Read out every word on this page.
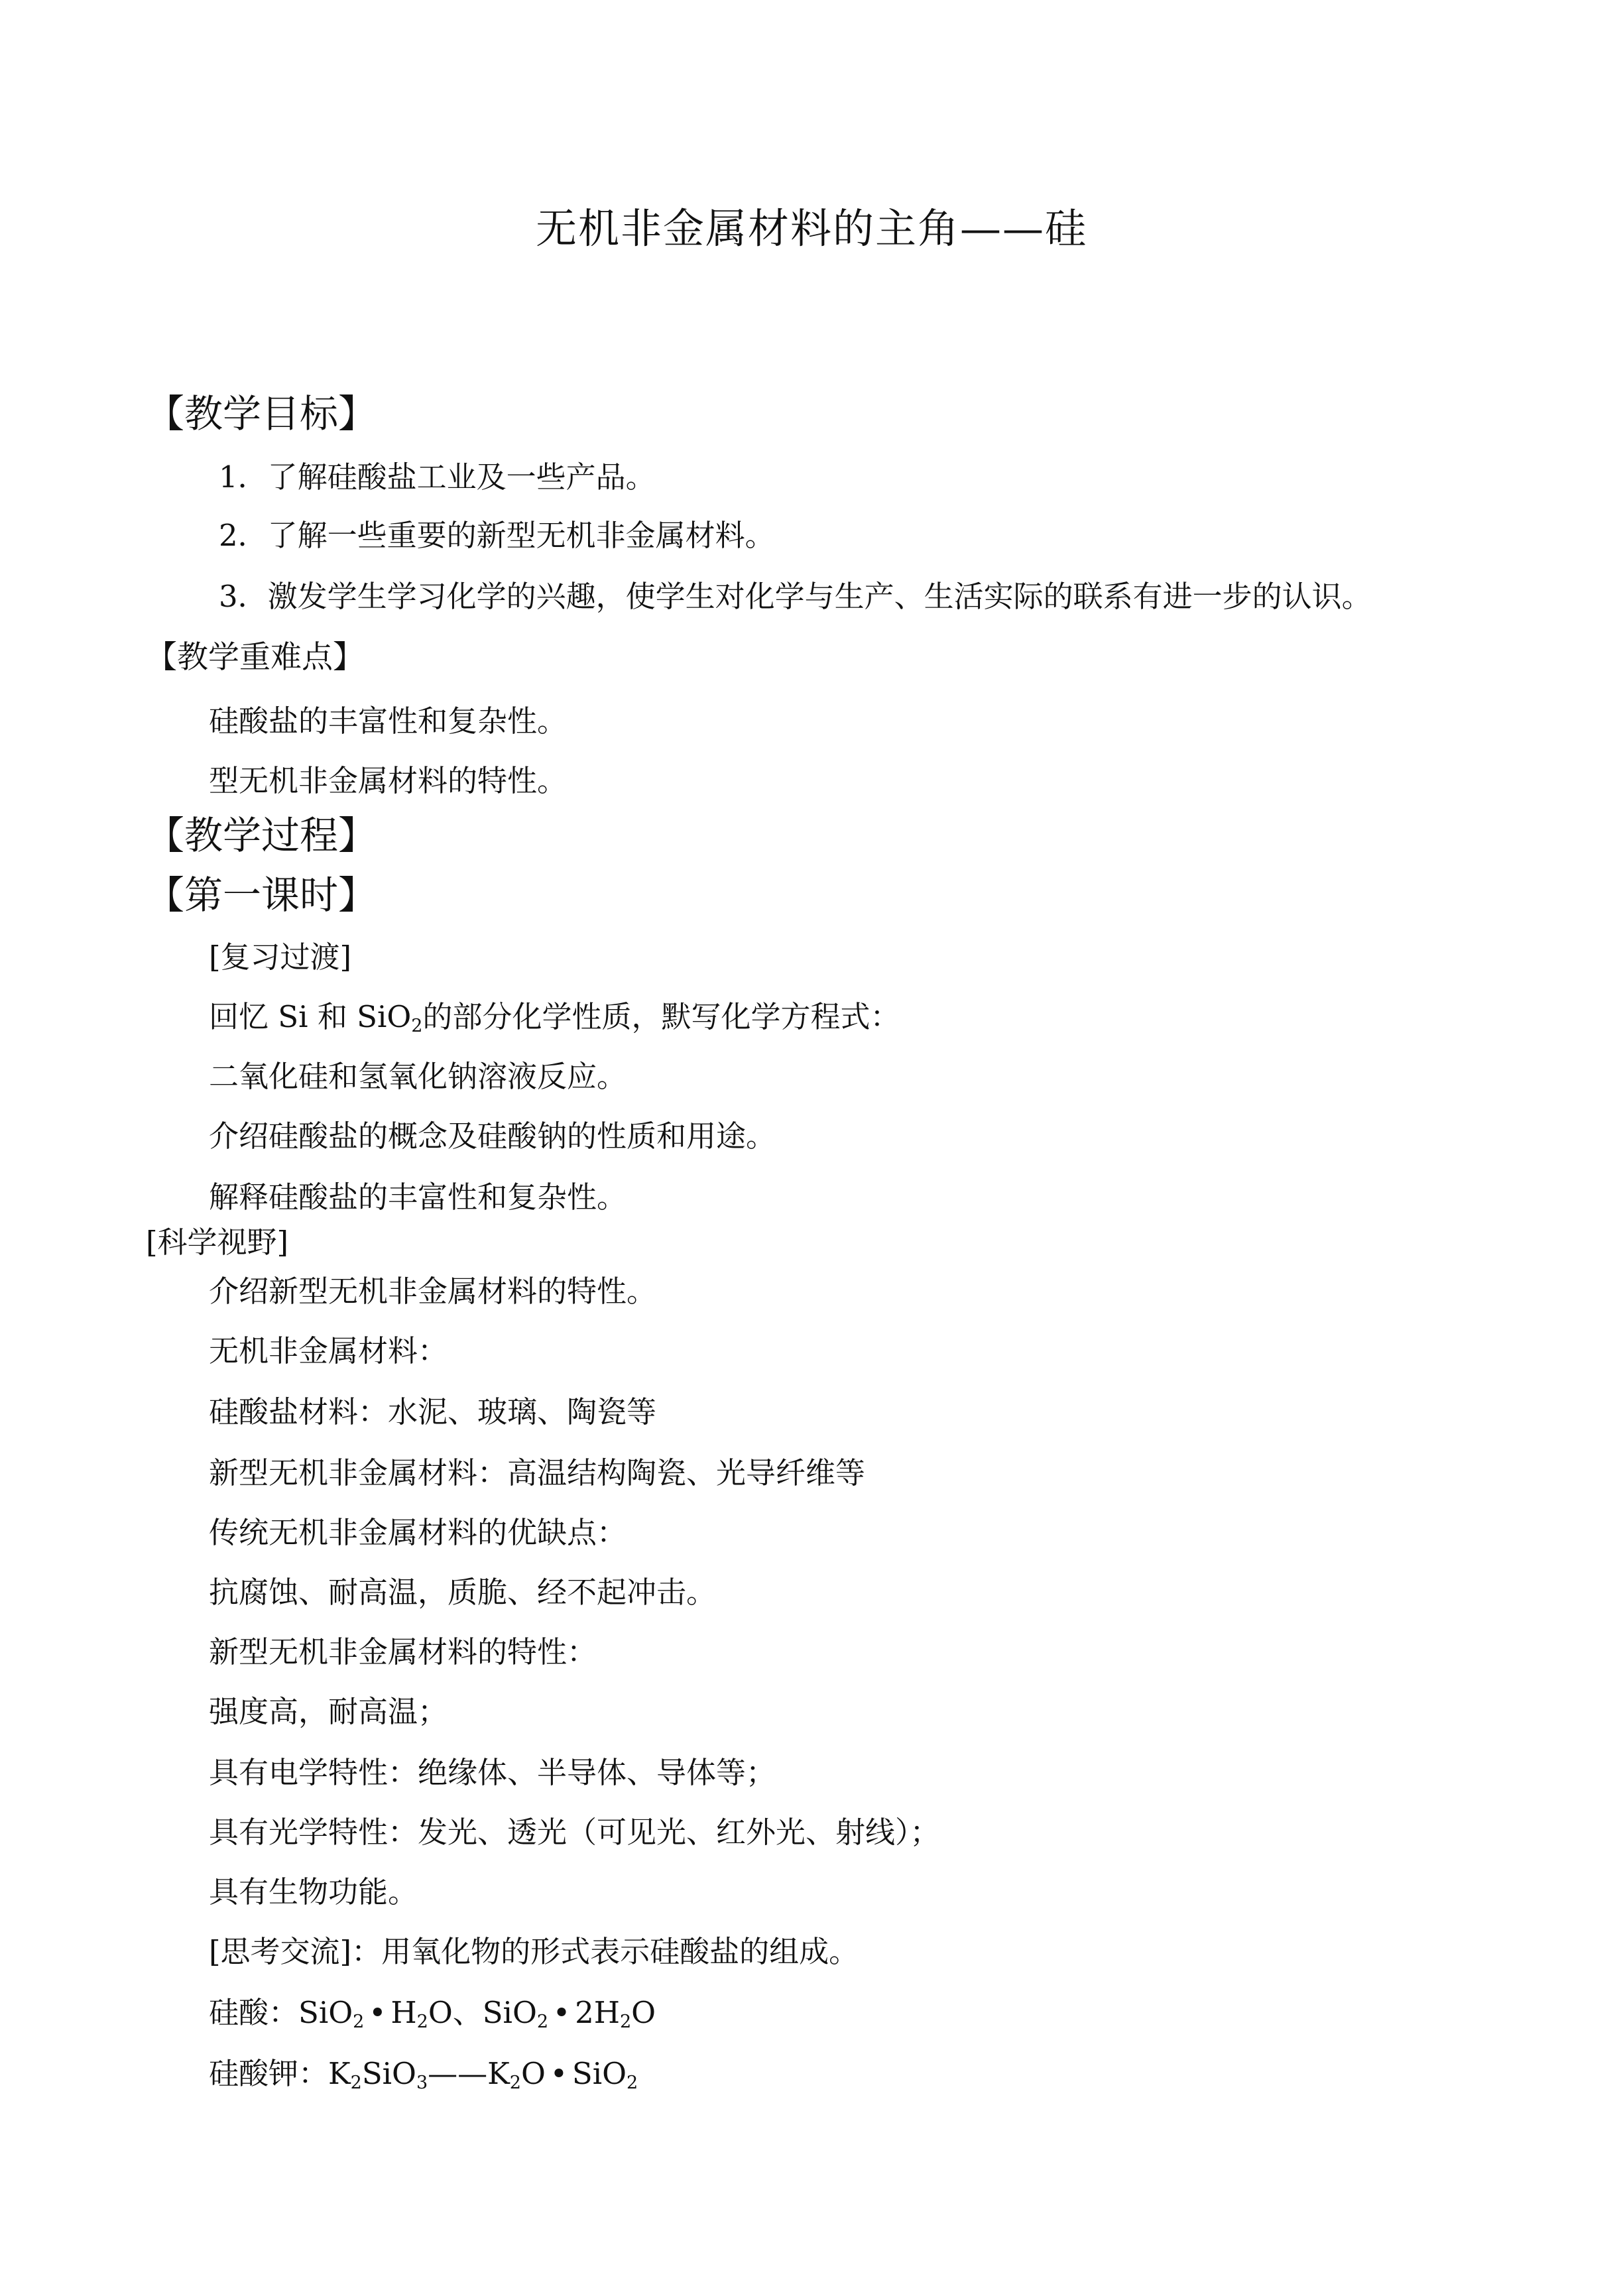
无机非金属材料的主角——硅
【教学目标】
1．了解硅酸盐工业及一些产品。
2．了解一些重要的新型无机非金属材料。
3．激发学生学习化学的兴趣，使学生对化学与生产、生活实际的联系有进一步的认识。
【教学重难点】
硅酸盐的丰富性和复杂性。
型无机非金属材料的特性。
【教学过程】
【第一课时】
[复习过渡]
回忆 Si 和 SiO$_2$的部分化学性质，默写化学方程式：
二氧化硅和氢氧化钠溶液反应。
介绍硅酸盐的概念及硅酸钠的性质和用途。
解释硅酸盐的丰富性和复杂性。
[科学视野]
介绍新型无机非金属材料的特性。
无机非金属材料：
硅酸盐材料：水泥、玻璃、陶瓷等
新型无机非金属材料：高温结构陶瓷、光导纤维等
传统无机非金属材料的优缺点：
抗腐蚀、耐高温，质脆、经不起冲击。
新型无机非金属材料的特性：
强度高，耐高温；
具有电学特性：绝缘体、半导体、导体等；
具有光学特性：发光、透光（可见光、红外光、射线）；
具有生物功能。
[思考交流]：用氧化物的形式表示硅酸盐的组成。
硅酸：SiO$_2$ • $H_2O$、SiO$_2$ • $2H_2O$
硅酸钾：$K_2SiO_3——K_2O$ • SiO$_2$
